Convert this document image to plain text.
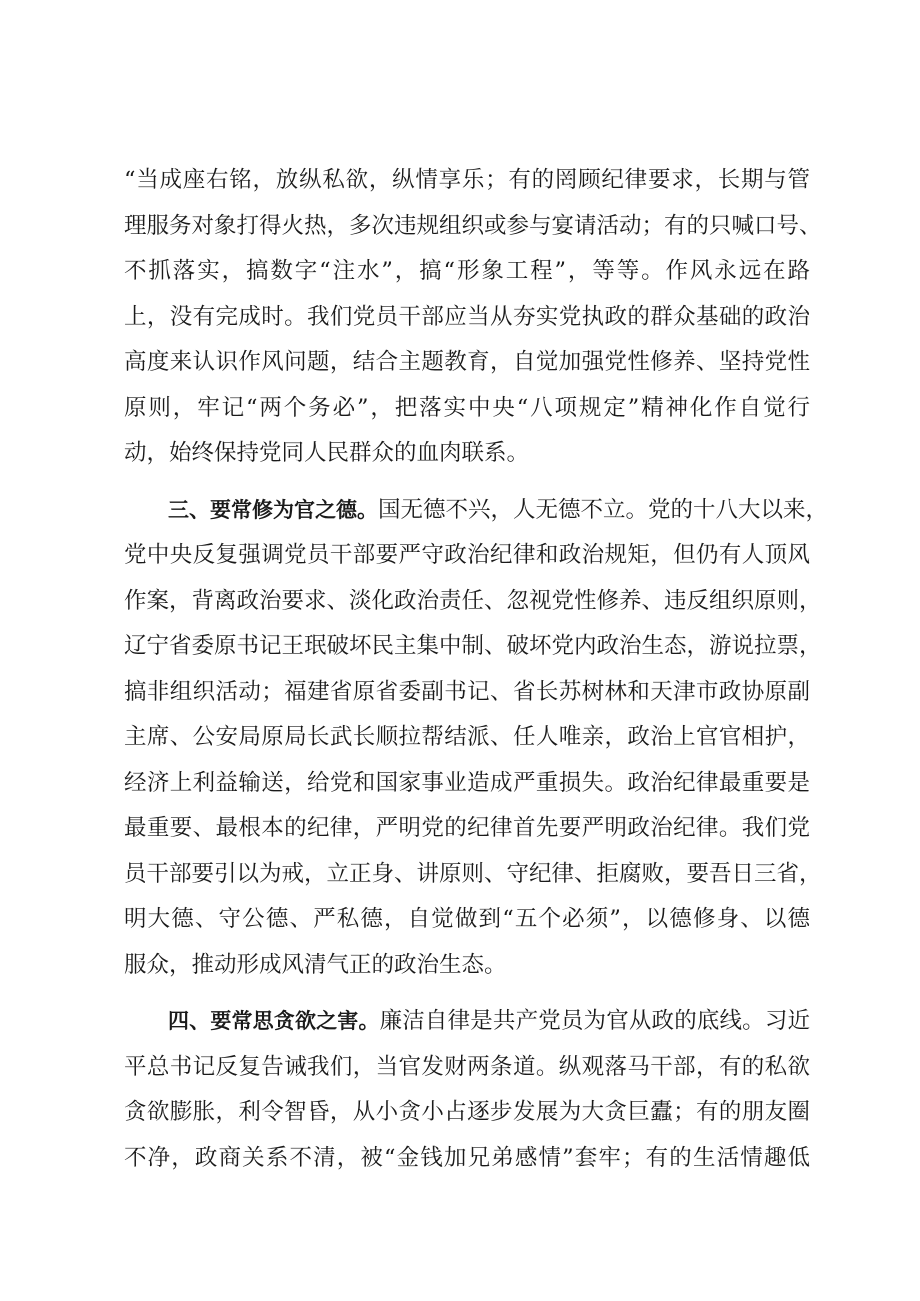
“当成座右铭，放纵私欲，纵情享乐；有的罔顾纪律要求，长期与管
理服务对象打得火热，多次违规组织或参与宴请活动；有的只喊口号、
不抓落实，搞数字“注水”，搞“形象工程”，等等。作风永远在路
上，没有完成时。我们党员干部应当从夯实党执政的群众基础的政治
高度来认识作风问题，结合主题教育，自觉加强党性修养、坚持党性
原则，牢记“两个务必”，把落实中央“八项规定”精神化作自觉行
动，始终保持党同人民群众的血肉联系。
三、要常修为官之德。国无德不兴，人无德不立。党的十八大以来，
党中央反复强调党员干部要严守政治纪律和政治规矩，但仍有人顶风
作案，背离政治要求、淡化政治责任、忽视党性修养、违反组织原则，
辽宁省委原书记王珉破坏民主集中制、破坏党内政治生态，游说拉票，
搞非组织活动；福建省原省委副书记、省长苏树林和天津市政协原副
主席、公安局原局长武长顺拉帮结派、任人唯亲，政治上官官相护，
经济上利益输送，给党和国家事业造成严重损失。政治纪律最重要是
最重要、最根本的纪律，严明党的纪律首先要严明政治纪律。我们党
员干部要引以为戒，立正身、讲原则、守纪律、拒腐败，要吾日三省，
明大德、守公德、严私德，自觉做到“五个必须”，以德修身、以德
服众，推动形成风清气正的政治生态。
四、要常思贪欲之害。廉洁自律是共产党员为官从政的底线。习近
平总书记反复告诫我们，当官发财两条道。纵观落马干部，有的私欲
贪欲膨胀，利令智昏，从小贪小占逐步发展为大贪巨蠹；有的朋友圈
不净，政商关系不清，被“金钱加兄弟感情”套牢；有的生活情趣低
